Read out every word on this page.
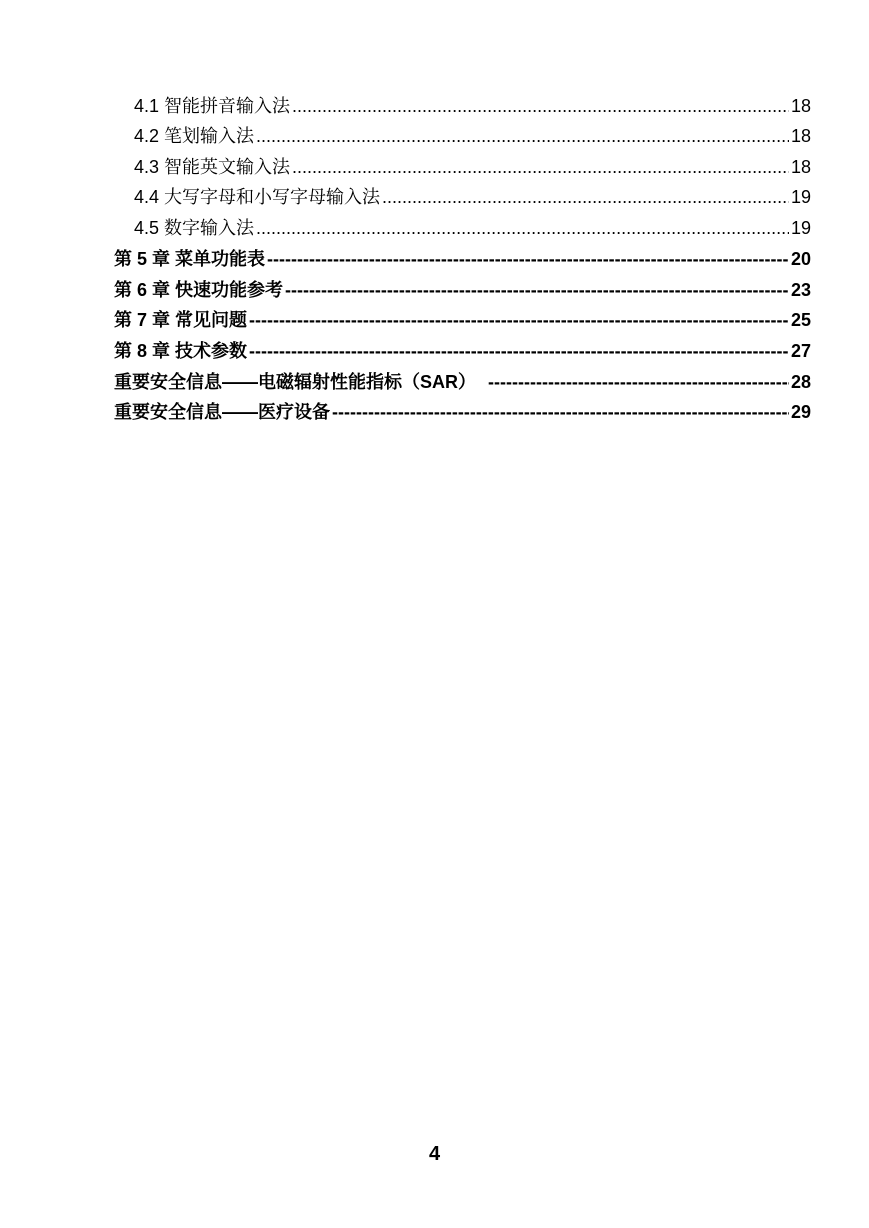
4.1 智能拼音输入法 .....	18
4.2 笔划输入法 .....	18
4.3 智能英文输入法 .....	18
4.4 大写字母和小写字母输入法 .....	19
4.5 数字输入法 .....	19
第 5 章 菜单功能表 -----	20
第 6 章 快速功能参考 -----	23
第 7 章 常见问题 -----	25
第 8 章 技术参数 -----	27
重要安全信息——电磁辐射性能指标（SAR） -----	28
重要安全信息——医疗设备 -----	29
4
